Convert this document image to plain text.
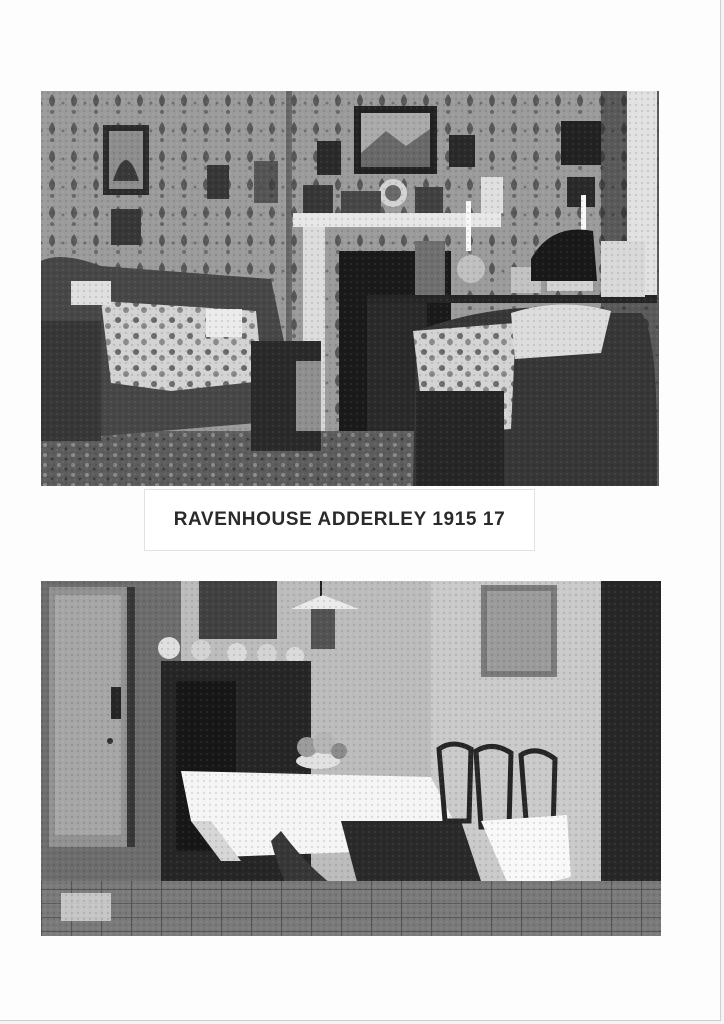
RAVENHOUSE ADDERLEY 1915 17
